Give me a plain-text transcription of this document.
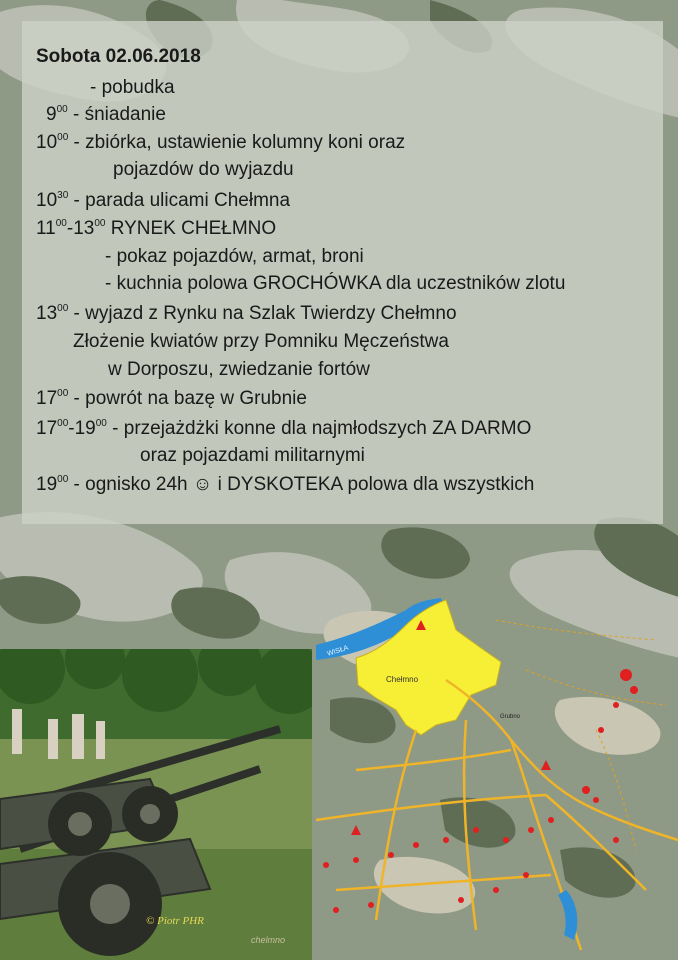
Sobota 02.06.2018
- pobudka
$9^{00}$ - śniadanie
$10^{00}$ - zbiórka, ustawienie kolumny koni oraz
pojazdów do wyjazdu
$10^{30}$ - parada ulicami Chełmna
$11^{00}-13^{00}$ RYNEK CHEŁMNO
- pokaz pojazdów, armat, broni
- kuchnia polowa GROCHÓWKA dla uczestników zlotu
$13^{00}$ - wyjazd z Rynku na Szlak Twierdzy Chełmno
Złożenie kwiatów przy Pomniku Męczeństwa
w Dorposzu, zwiedzanie fortów
$17^{00}$ - powrót na bazę w Grubnie
$17^{00}-19^{00}$ - przejażdżki konne dla najmłodszych ZA DARMO
oraz pojazdami militarnymi
$19^{00}$ - ognisko 24h ☺ i DYSKOTEKA polowa dla wszystkich
WISŁA
Chełmno
Grubno
© Piotr PHR
chelmno
